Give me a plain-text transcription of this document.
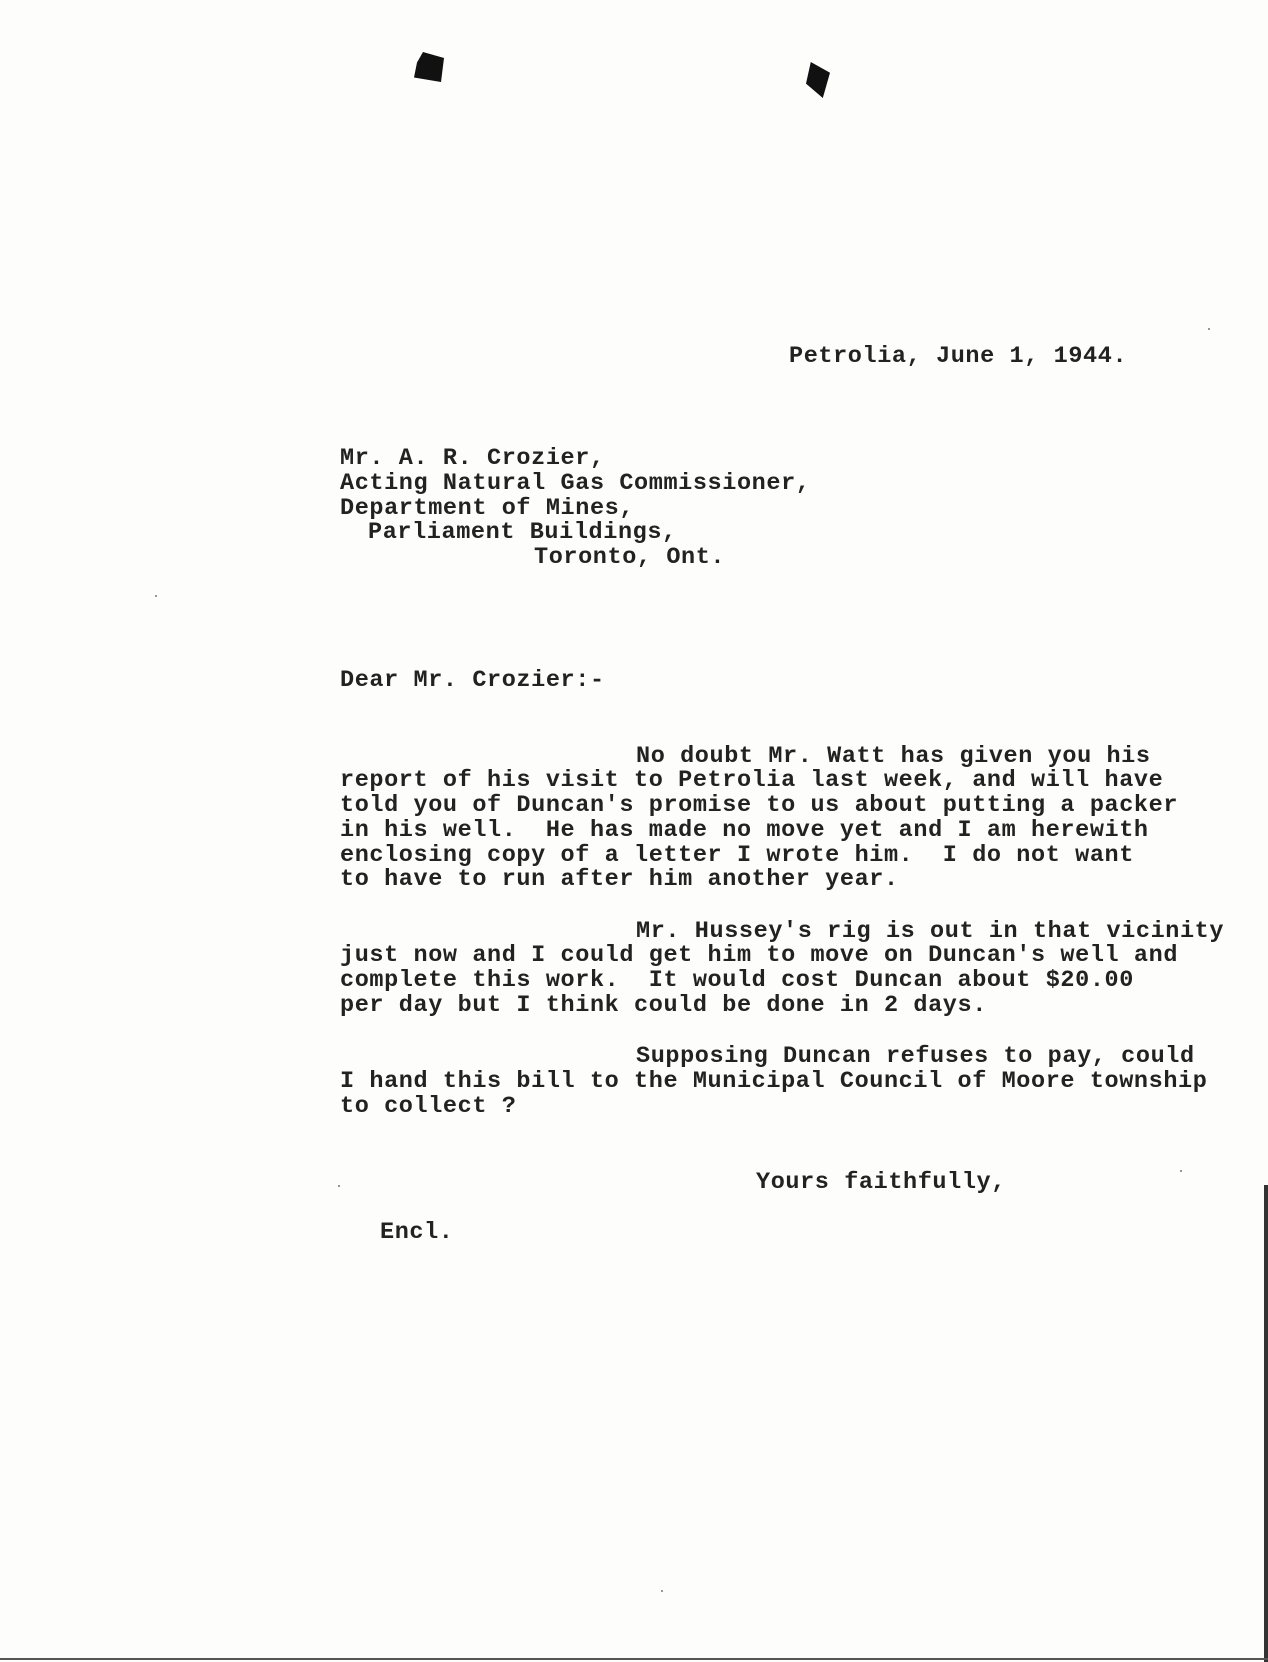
Petrolia, June 1, 1944.
Mr. A. R. Crozier,
Acting Natural Gas Commissioner,
Department of Mines,
Parliament Buildings,
Toronto, Ont.
Dear Mr. Crozier:-
No doubt Mr. Watt has given you his
report of his visit to Petrolia last week, and will have
told you of Duncan's promise to us about putting a packer
in his well.  He has made no move yet and I am herewith
enclosing copy of a letter I wrote him.  I do not want
to have to run after him another year.
Mr. Hussey's rig is out in that vicinity
just now and I could get him to move on Duncan's well and
complete this work.  It would cost Duncan about $20.00
per day but I think could be done in 2 days.
Supposing Duncan refuses to pay, could
I hand this bill to the Municipal Council of Moore township
to collect ?
Yours faithfully,
Encl.
